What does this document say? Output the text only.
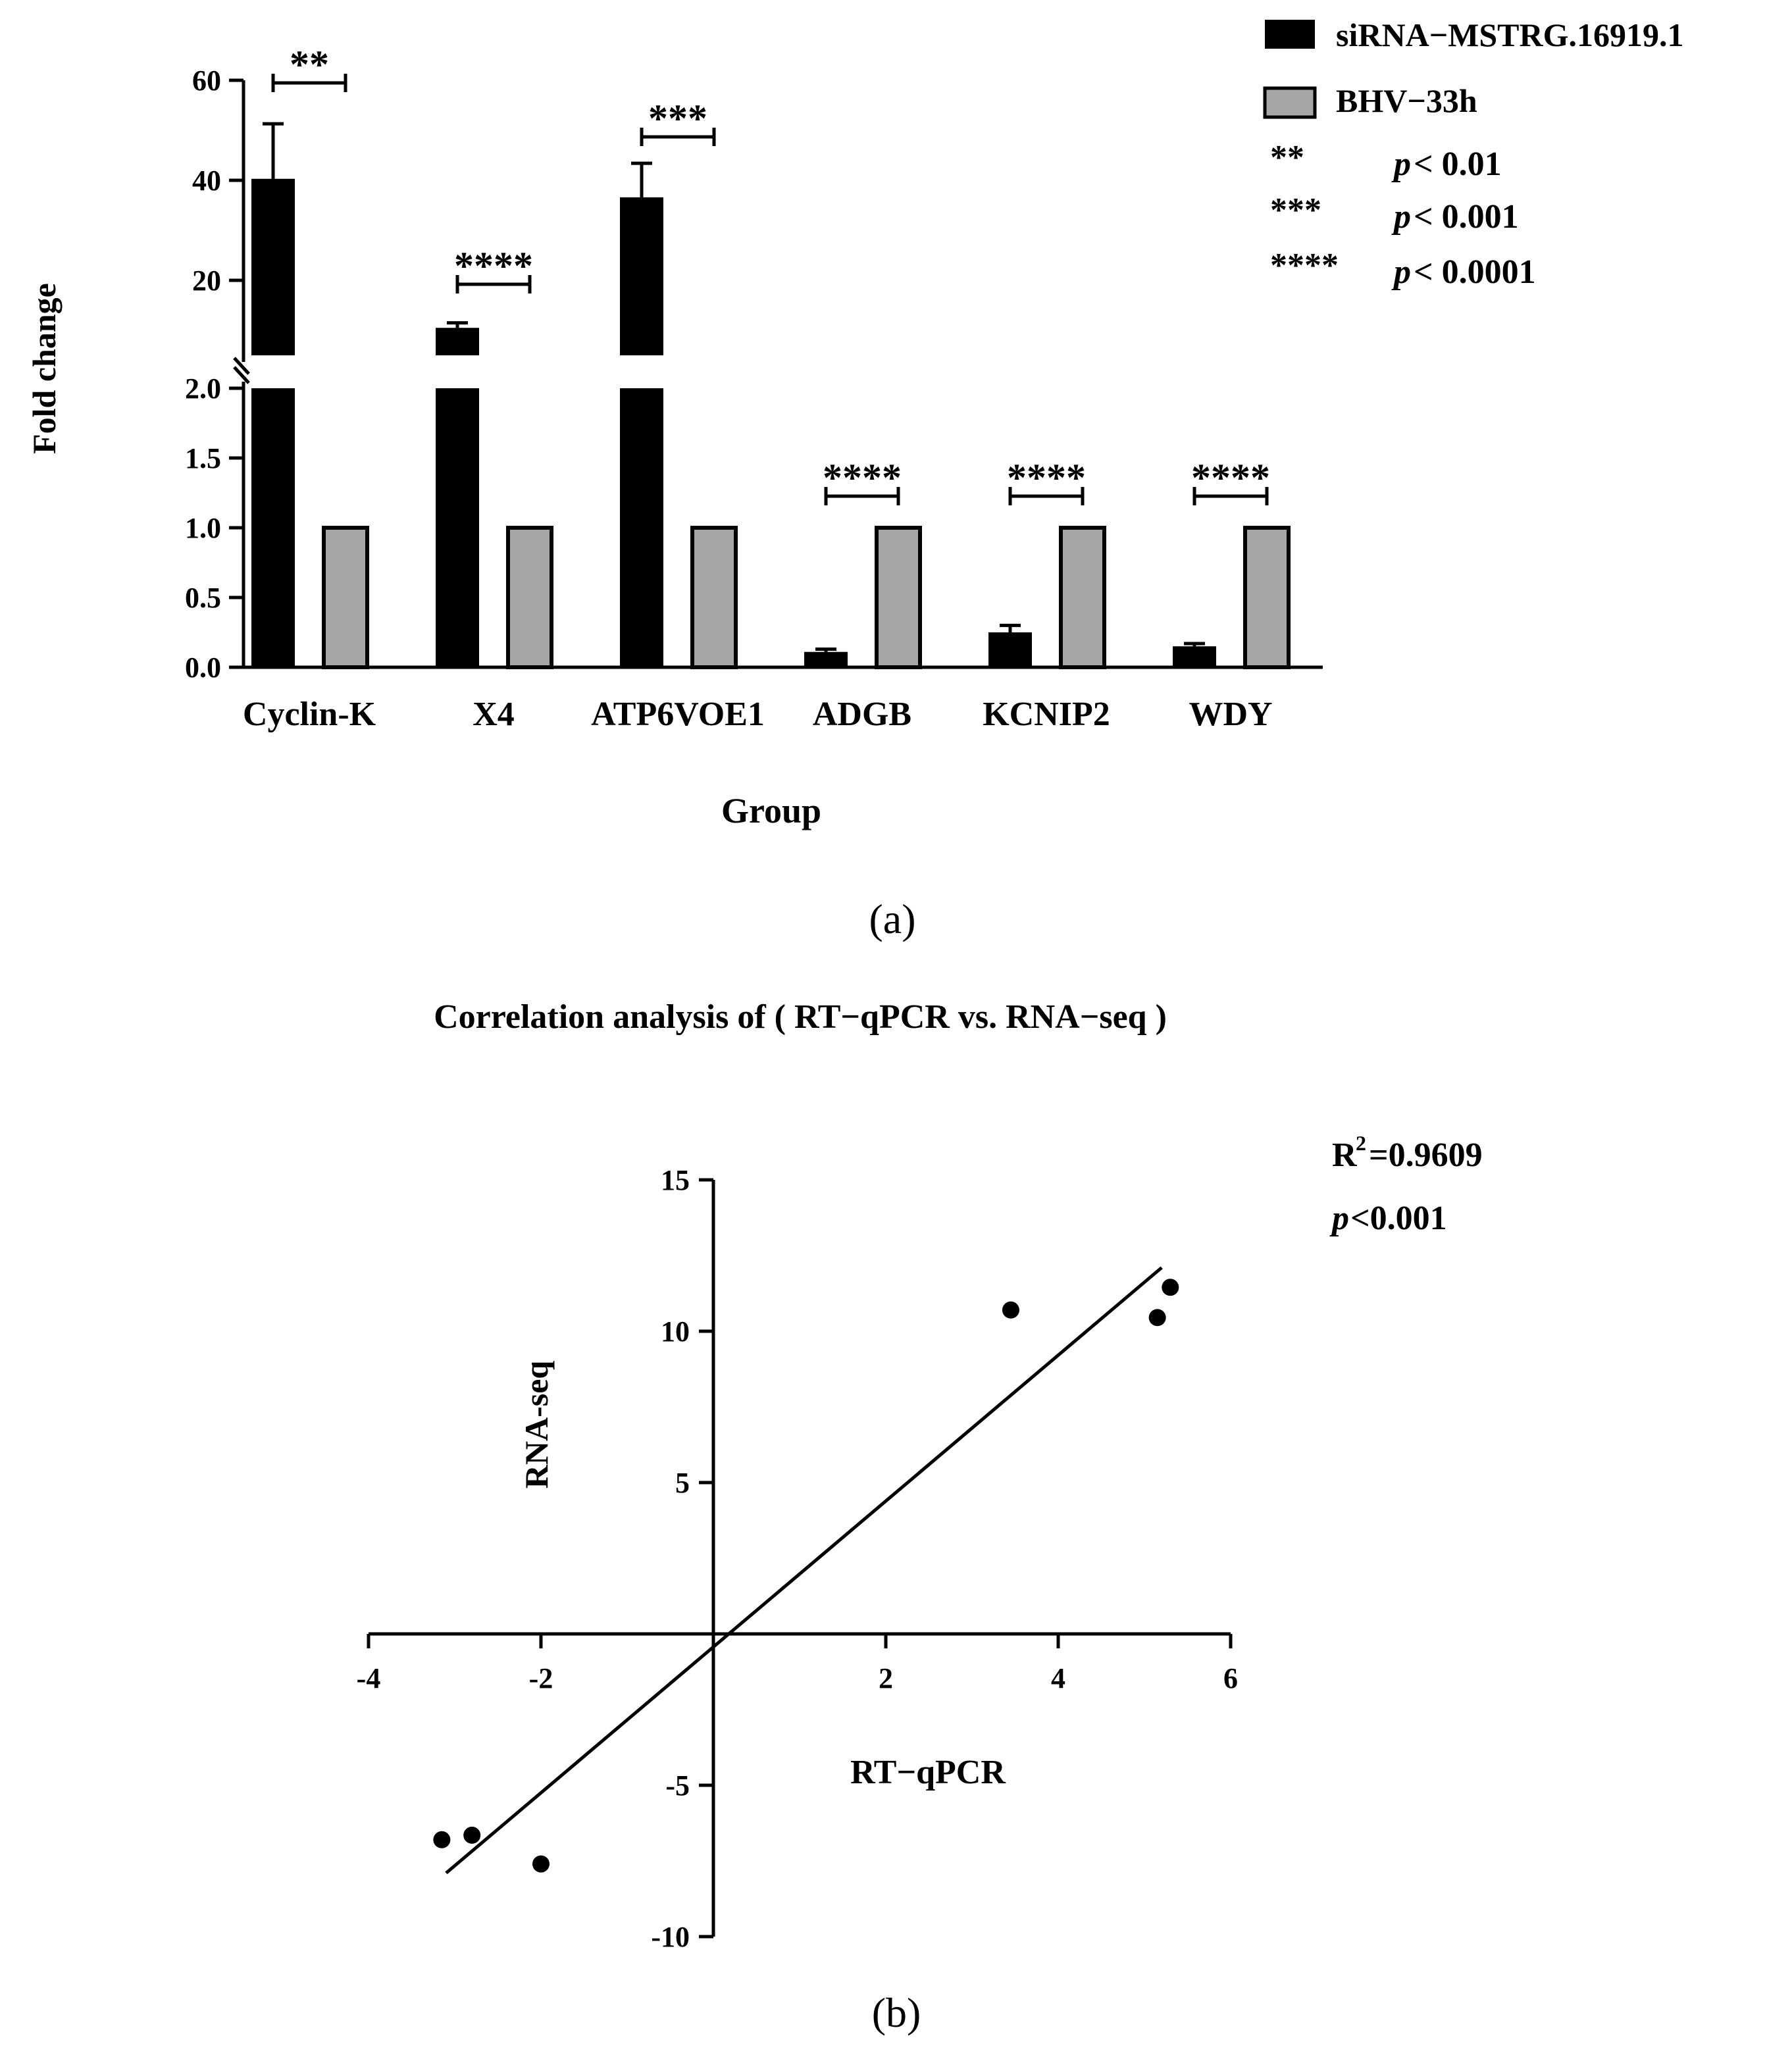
0.0
0.5
1.0
1.5
2.0
20
40
60
Cyclin-K
**
X4
****
ATP6VOE1
***
ADGB
****
KCNIP2
****
WDY
****
Fold change
Group
siRNA−MSTRG.16919.1
BHV−33h
**	p < 0.01
*** p < 0.001
**** p < 0.0001
(a)
-4	-2	2	4	6
-10
-5
5
10
15
Correlation analysis of ( RT−qPCR vs. RNA−seq )
RT−qPCR
RNA-seq
R
2 =0.9609
p <0.001
(b)
